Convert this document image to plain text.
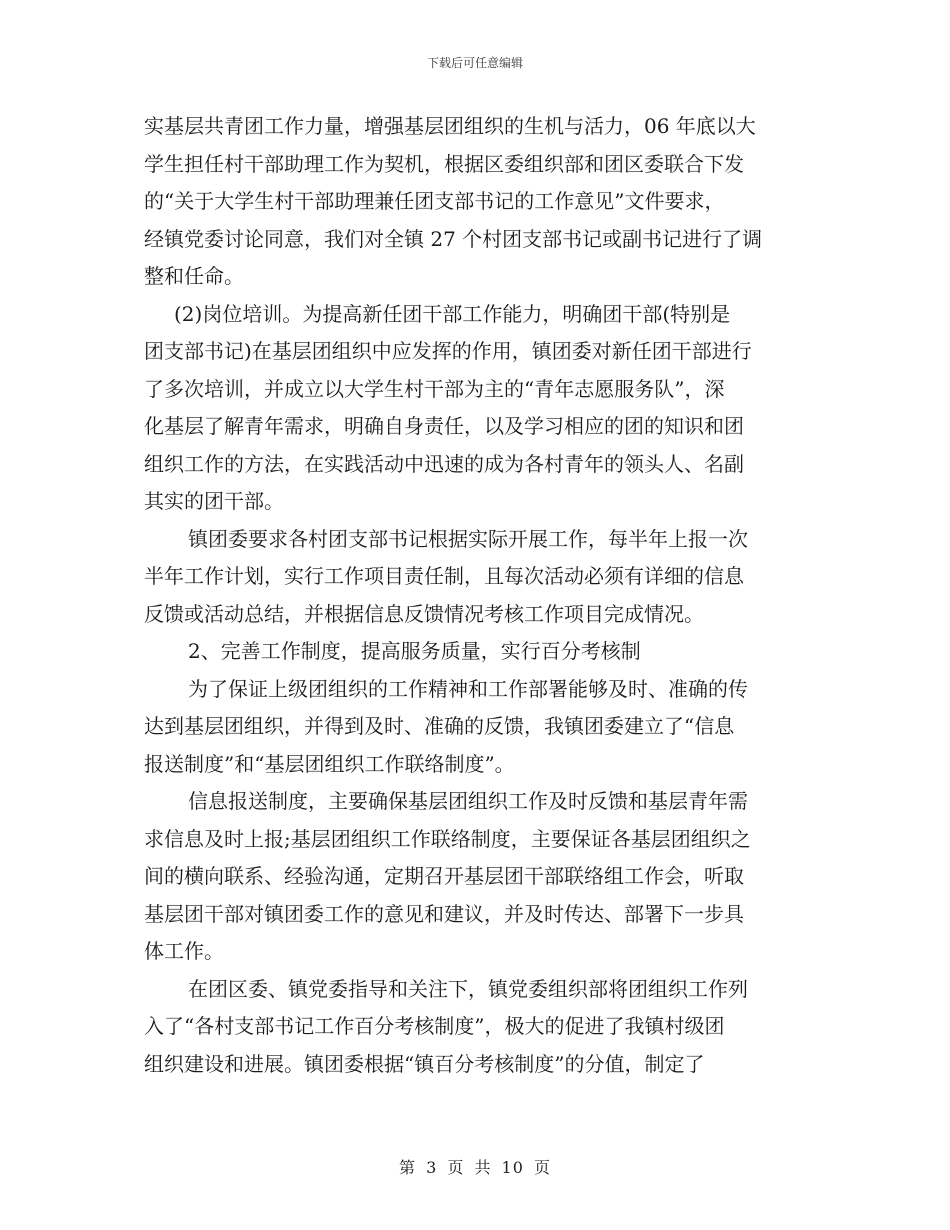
下载后可任意编辑
实基层共青团工作力量，增强基层团组织的生机与活力，06 年底以大
学生担任村干部助理工作为契机，根据区委组织部和团区委联合下发
的“关于大学生村干部助理兼任团支部书记的工作意见”文件要求，
经镇党委讨论同意，我们对全镇 27 个村团支部书记或副书记进行了调
整和任命。
(2)岗位培训。为提高新任团干部工作能力，明确团干部(特别是
团支部书记)在基层团组织中应发挥的作用，镇团委对新任团干部进行
了多次培训，并成立以大学生村干部为主的“青年志愿服务队”，深
化基层了解青年需求，明确自身责任，以及学习相应的团的知识和团
组织工作的方法，在实践活动中迅速的成为各村青年的领头人、名副
其实的团干部。
镇团委要求各村团支部书记根据实际开展工作，每半年上报一次
半年工作计划，实行工作项目责任制，且每次活动必须有详细的信息
反馈或活动总结，并根据信息反馈情况考核工作项目完成情况。
2、完善工作制度，提高服务质量，实行百分考核制
为了保证上级团组织的工作精神和工作部署能够及时、准确的传
达到基层团组织，并得到及时、准确的反馈，我镇团委建立了“信息
报送制度”和“基层团组织工作联络制度”。
信息报送制度，主要确保基层团组织工作及时反馈和基层青年需
求信息及时上报;基层团组织工作联络制度，主要保证各基层团组织之
间的横向联系、经验沟通，定期召开基层团干部联络组工作会，听取
基层团干部对镇团委工作的意见和建议，并及时传达、部署下一步具
体工作。
在团区委、镇党委指导和关注下，镇党委组织部将团组织工作列
入了“各村支部书记工作百分考核制度”，极大的促进了我镇村级团
组织建设和进展。镇团委根据“镇百分考核制度”的分值，制定了
第 3 页 共 10 页
